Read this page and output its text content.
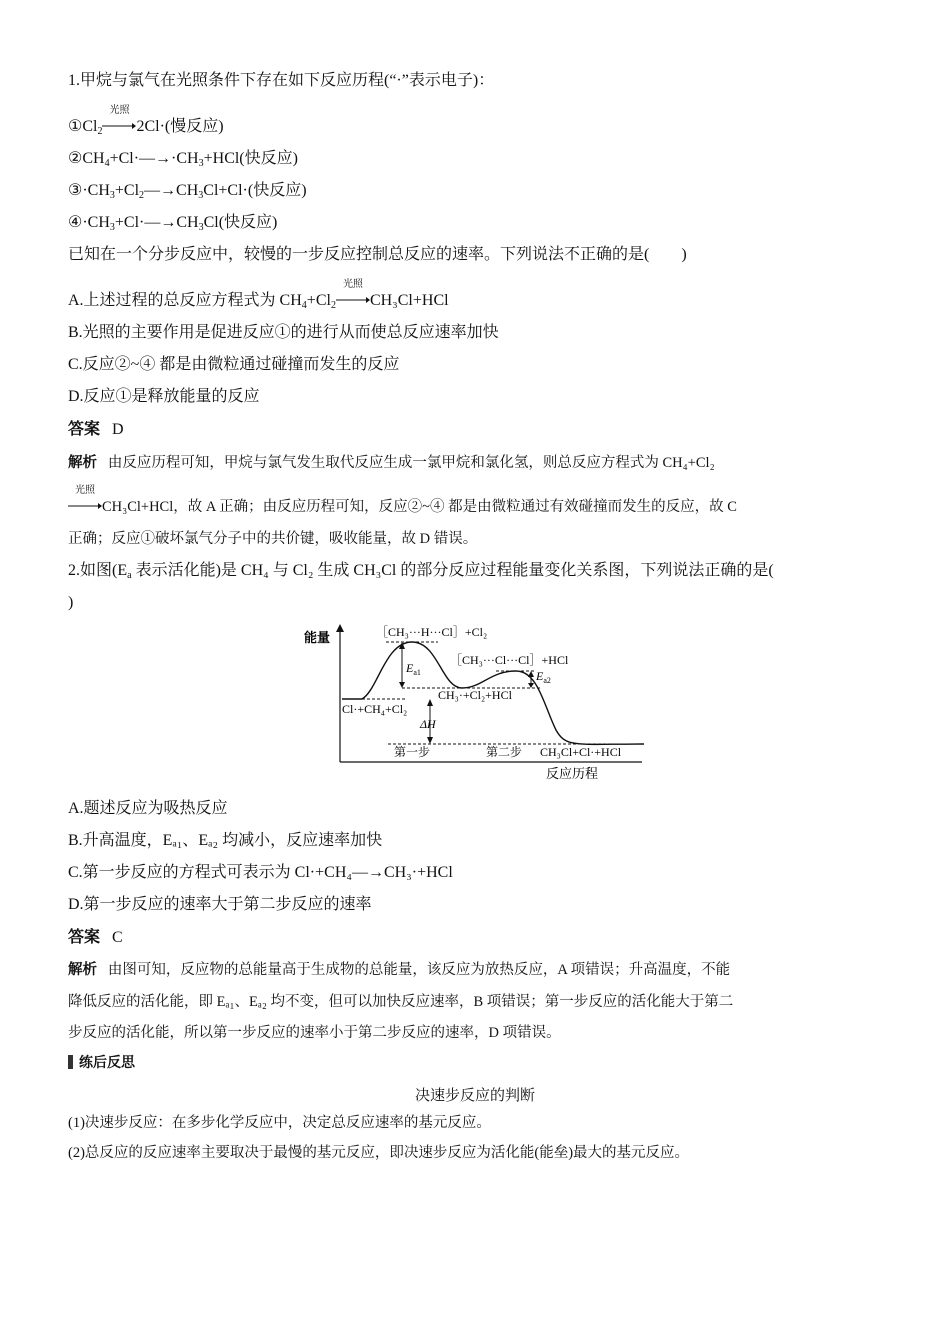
1.甲烷与氯气在光照条件下存在如下反应历程(“·”表示电子)：
$①Cl_2$
光照
2Cl·(慢反应)
$②CH_4+Cl\cdot—\to\cdot CH_3+HCl$(快反应)
$③\cdot CH_3+Cl_2—\to CH_3Cl+Cl\cdot$(快反应)
$④\cdot CH_3+Cl\cdot—\to CH_3Cl$(快反应)
已知在一个分步反应中，较慢的一步反应控制总反应的速率。下列说法不正确的是(　　)
A.上述过程的总反应方程式为 $CH_4+Cl_2$
光照
CH₃Cl+HCl
B.光照的主要作用是促进反应①的进行从而使总反应速率加快
C.反应②~④ 都是由微粒通过碰撞而发生的反应
D.反应①是释放能量的反应
答案 D
解析 由反应历程可知，甲烷与氯气发生取代反应生成一氯甲烷和氯化氢，则总反应方程式为 CH₄+Cl₂
光照
CH₃Cl+HCl，故 A 正确；由反应历程可知，反应②~④ 都是由微粒通过有效碰撞而发生的反应，故 C
正确；反应①破坏氯气分子中的共价键，吸收能量，故 D 错误。
2.如图($E_a$ 表示活化能)是 CH₄ 与 Cl₂ 生成 CH₃Cl 的部分反应过程能量变化关系图，下列说法正确的是(
)
能量
反应历程
［CH₃···H···Cl］+Cl₂
［CH₃···Cl···Cl］+HCl
$E_{a1}$	$E_{a2}$
CH₃·+Cl₂+HCl
Cl·+CH₄+Cl₂
ΔH
第一步	第二步 CH₃Cl+Cl·+HCl
A.题述反应为吸热反应
B.升高温度，Eₐ₁、Eₐ₂ 均减小，反应速率加快
C.第一步反应的方程式可表示为 Cl·+CH₄—→CH₃·+HCl
D.第一步反应的速率大于第二步反应的速率
答案 C
解析 由图可知，反应物的总能量高于生成物的总能量，该反应为放热反应，A 项错误；升高温度，不能
降低反应的活化能，即 Eₐ₁、Eₐ₂ 均不变，但可以加快反应速率，B 项错误；第一步反应的活化能大于第二
步反应的活化能，所以第一步反应的速率小于第二步反应的速率，D 项错误。
练后反思
决速步反应的判断
(1)决速步反应：在多步化学反应中，决定总反应速率的基元反应。
(2)总反应的反应速率主要取决于最慢的基元反应，即决速步反应为活化能(能垒)最大的基元反应。
